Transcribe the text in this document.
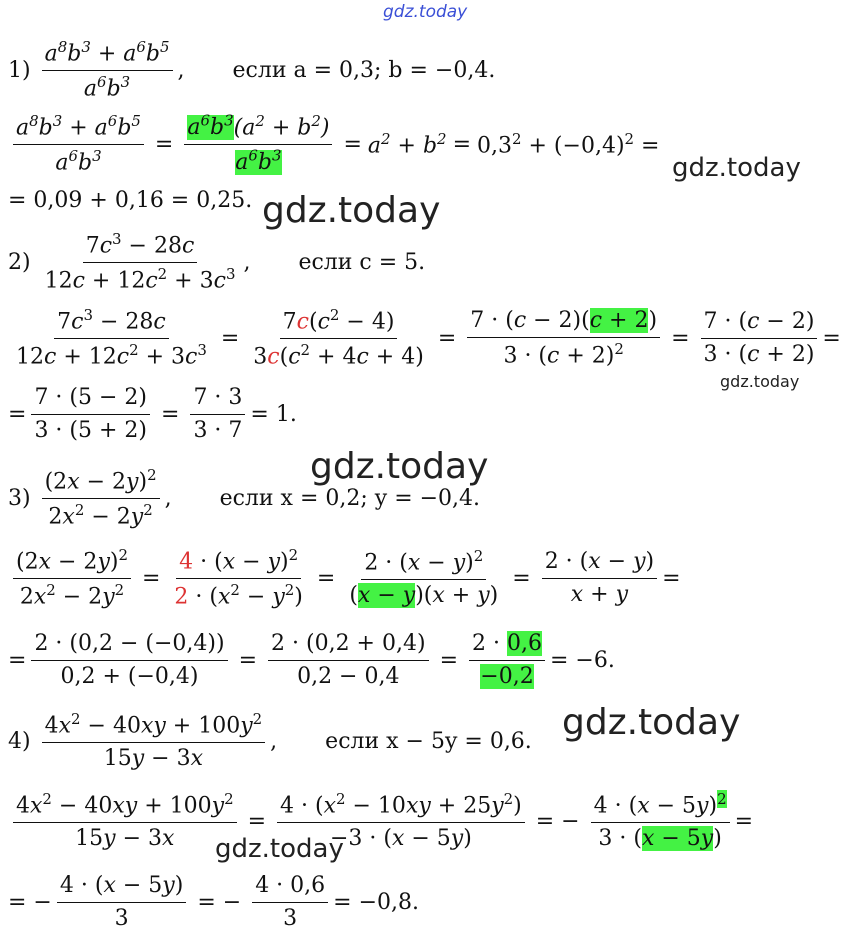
gdz.today
gdz.today
gdz.today
gdz.today
gdz.today
gdz.today
gdz.today
$1) \frac{a^8b^3 + a^6b^5}{a^6b^3}$ , если a = 0,3; b = −0,4.
$\frac{a^8b^3 + a^6b^5}{a^6b^3} = \frac{a^6b^3(a^2 + b^2)}{a^6b^3} = a^2 + b^2 = 0,3^2 + (-0,4)^2$ =
= 0,09 + 0,16 = 0,25.
$2) \frac{7c^3 - 28c}{12c + 12c^2 + 3c^3}$ , если c = 5.
$\frac{7c^3 - 28c}{12c + 12c^2 + 3c^3} = \frac{7c(c^2 - 4)}{3c(c^2 + 4c + 4)} = \frac{7 \cdot (c - 2)(c + 2)}{3 \cdot (c + 2)^2} = \frac{7 \cdot (c - 2)}{3 \cdot (c + 2)}$ =
= $\frac{7 \cdot (5 - 2)}{3 \cdot (5 + 2)} = \frac{7 \cdot 3}{3 \cdot 7} = 1$.
$3) \frac{(2x - 2y)^2}{2x^2 - 2y^2}$ , если x = 0,2; y = −0,4.
$\frac{(2x - 2y)^2}{2x^2 - 2y^2} = \frac{4 \cdot (x - y)^2}{2 \cdot (x^2 - y^2)} = \frac{2 \cdot (x - y)^2}{(x - y)(x + y)} = \frac{2 \cdot (x - y)}{x + y}$ =
= $\frac{2 \cdot (0,2 - (-0,4))}{0,2 + (-0,4)} = \frac{2 \cdot (0,2 + 0,4)}{0,2 - 0,4} = \frac{2 \cdot 0,6}{-0,2} = -6$.
$4) \frac{4x^2 - 40xy + 100y^2}{15y - 3x}$ , если x − 5y = 0,6.
$\frac{4x^2 - 40xy + 100y^2}{15y - 3x} = \frac{4 \cdot (x^2 - 10xy + 25y^2)}{-3 \cdot (x - 5y)}$ = − $\frac{4 \cdot (x - 5y)^2}{3 \cdot (x - 5y)}$ =
= − $\frac{4 \cdot (x - 5y)}{3}$ = − $\frac{4 \cdot 0,6}{3} = -0,8$.
